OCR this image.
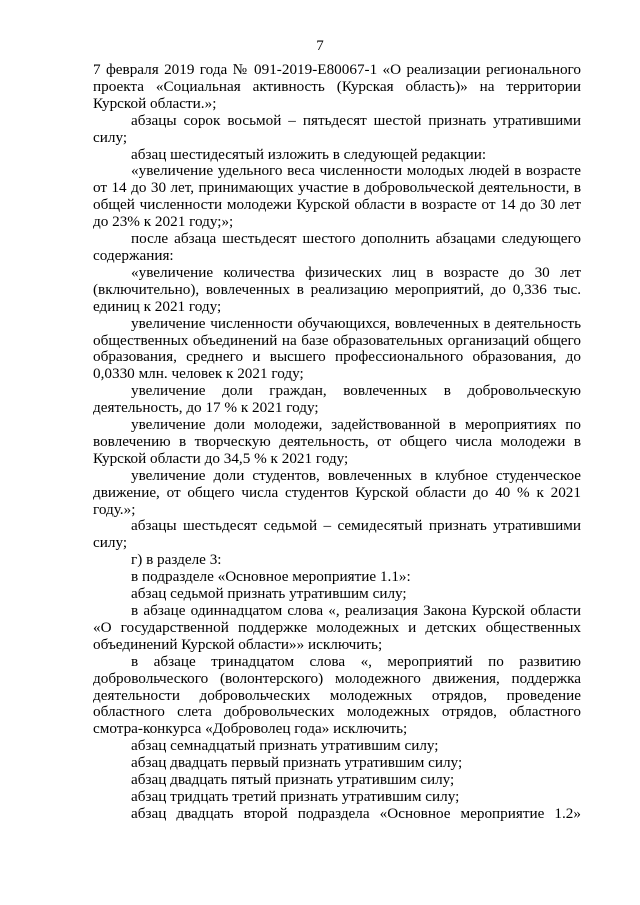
7

7 февраля 2019 года № 091-2019-Е80067-1 «О реализации регионального проекта «Социальная активность (Курская область)» на территории Курской области.»;

абзацы сорок восьмой – пятьдесят шестой признать утратившими силу;

абзац шестидесятый изложить в следующей редакции:

«увеличение удельного веса численности молодых людей в возрасте от 14 до 30 лет, принимающих участие в добровольческой деятельности, в общей численности молодежи Курской области в возрасте от 14 до 30 лет до 23% к 2021 году;»;

после абзаца шестьдесят шестого дополнить абзацами следующего содержания:

«увеличение количества физических лиц в возрасте до 30 лет (включительно), вовлеченных в реализацию мероприятий, до 0,336 тыс. единиц к 2021 году;

увеличение численности обучающихся, вовлеченных в деятельность общественных объединений на базе образовательных организаций общего образования, среднего и высшего профессионального образования, до 0,0330 млн. человек к 2021 году;

увеличение доли граждан, вовлеченных в добровольческую деятельность, до 17 % к 2021 году;

увеличение доли молодежи, задействованной в мероприятиях по вовлечению в творческую деятельность, от общего числа молодежи в Курской области до 34,5 % к 2021 году;

увеличение доли студентов, вовлеченных в клубное студенческое движение, от общего числа студентов Курской области до 40 % к 2021 году.»;

абзацы шестьдесят седьмой – семидесятый признать утратившими силу;

г) в разделе 3:

в подразделе «Основное мероприятие 1.1»:

абзац седьмой признать утратившим силу;

в абзаце одиннадцатом слова «, реализация Закона Курской области «О государственной поддержке молодежных и детских общественных объединений Курской области»» исключить;

в абзаце тринадцатом слова «, мероприятий по развитию добровольческого (волонтерского) молодежного движения, поддержка деятельности добровольческих молодежных отрядов, проведение областного слета добровольческих молодежных отрядов, областного смотра-конкурса «Доброволец года» исключить;

абзац семнадцатый признать утратившим силу;

абзац двадцать первый признать утратившим силу;

абзац двадцать пятый признать утратившим силу;

абзац тридцать третий признать утратившим силу;

абзац двадцать второй подраздела «Основное мероприятие 1.2»
